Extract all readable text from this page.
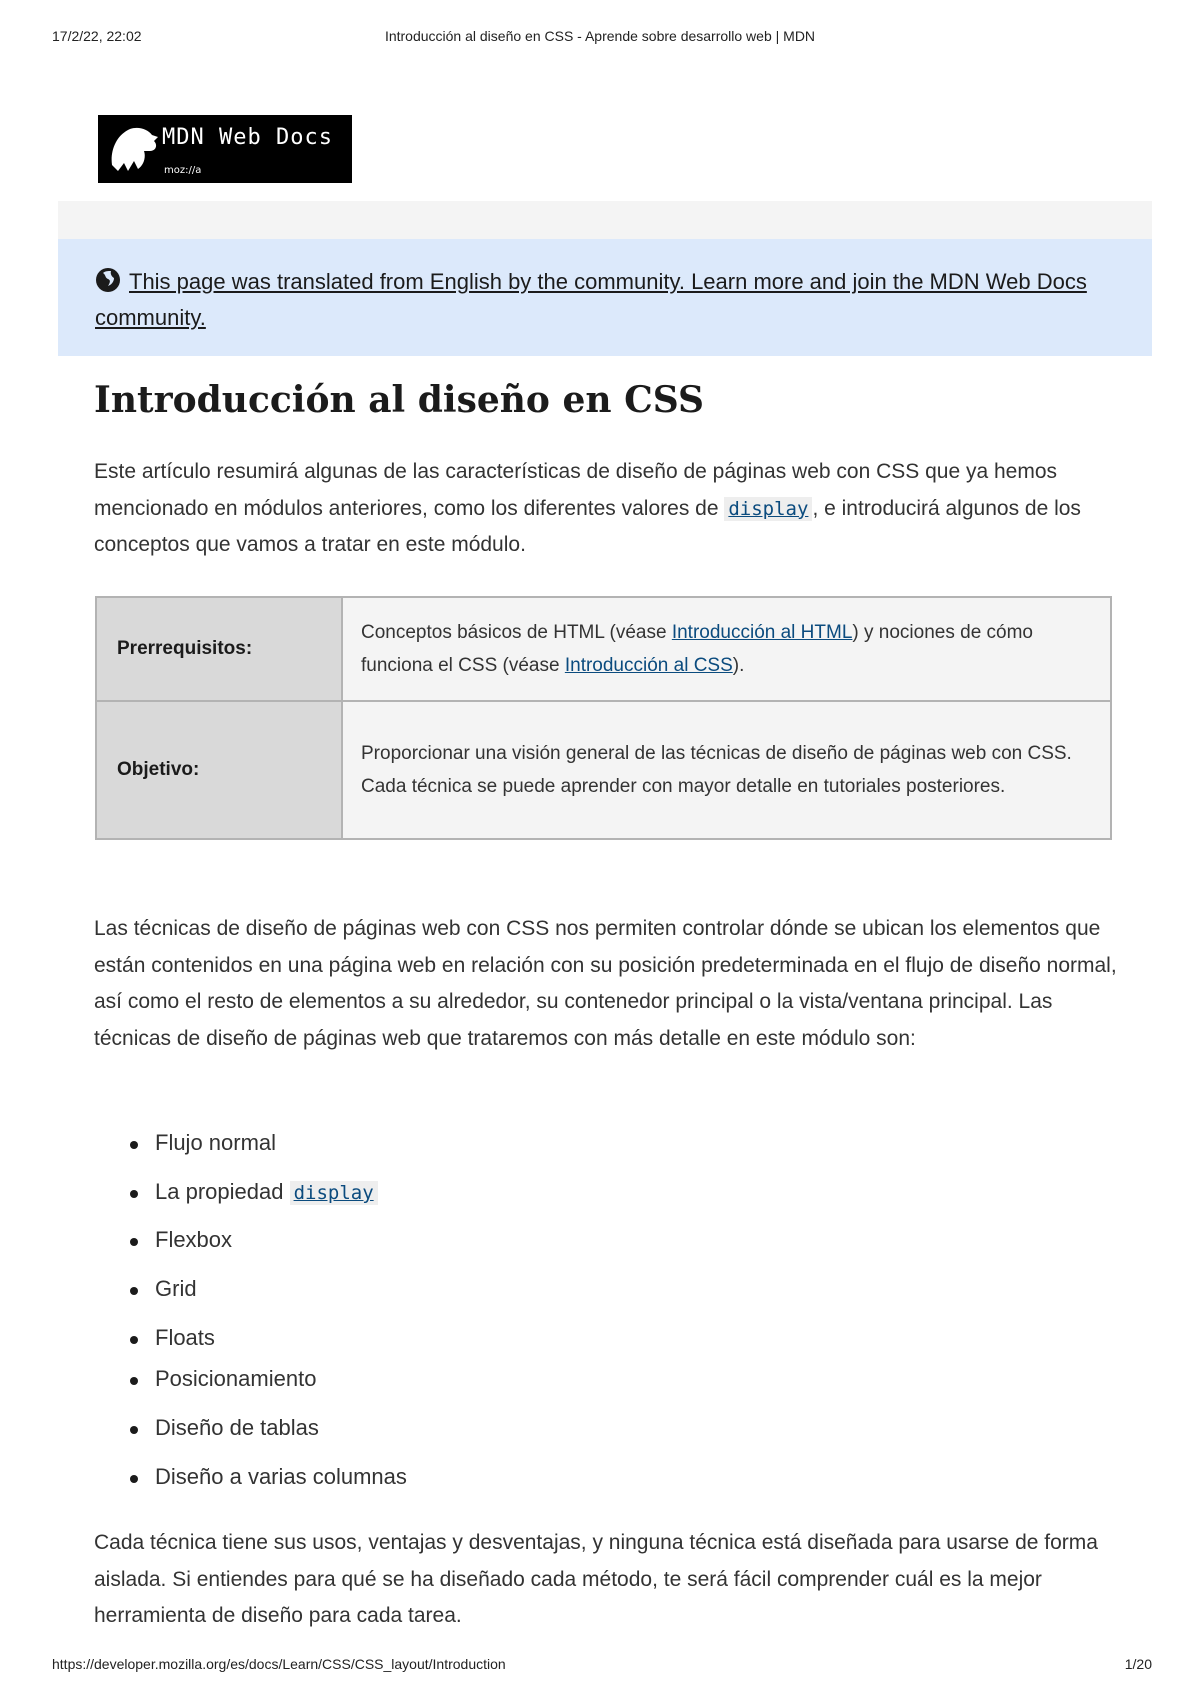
17/2/22, 22:02	Introducción al diseño en CSS - Aprende sobre desarrollo web | MDN
MDN Web Docs
moz://a
This page was translated from English by the community. Learn more and join the MDN Web Docs community.
Introducción al diseño en CSS

Este artículo resumirá algunas de las características de diseño de páginas web con CSS que ya hemos mencionado en módulos anteriores, como los diferentes valores de display , e introducirá algunos de los conceptos que vamos a tratar en este módulo.

Prerrequisitos:	Conceptos básicos de HTML (véase Introducción al HTML) y nociones de cómo funciona el CSS (véase Introducción al CSS).
Objetivo:	Proporcionar una visión general de las técnicas de diseño de páginas web con CSS. Cada técnica se puede aprender con mayor detalle en tutoriales posteriores.

Las técnicas de diseño de páginas web con CSS nos permiten controlar dónde se ubican los elementos que están contenidos en una página web en relación con su posición predeterminada en el flujo de diseño normal, así como el resto de elementos a su alrededor, su contenedor principal o la vista/ventana principal. Las técnicas de diseño de páginas web que trataremos con más detalle en este módulo son:

Flujo normal
La propiedad display
Flexbox
Grid
Floats
Posicionamiento
Diseño de tablas
Diseño a varias columnas

Cada técnica tiene sus usos, ventajas y desventajas, y ninguna técnica está diseñada para usarse de forma aislada. Si entiendes para qué se ha diseñado cada método, te será fácil comprender cuál es la mejor herramienta de diseño para cada tarea.

https://developer.mozilla.org/es/docs/Learn/CSS/CSS_layout/Introduction	1/20
